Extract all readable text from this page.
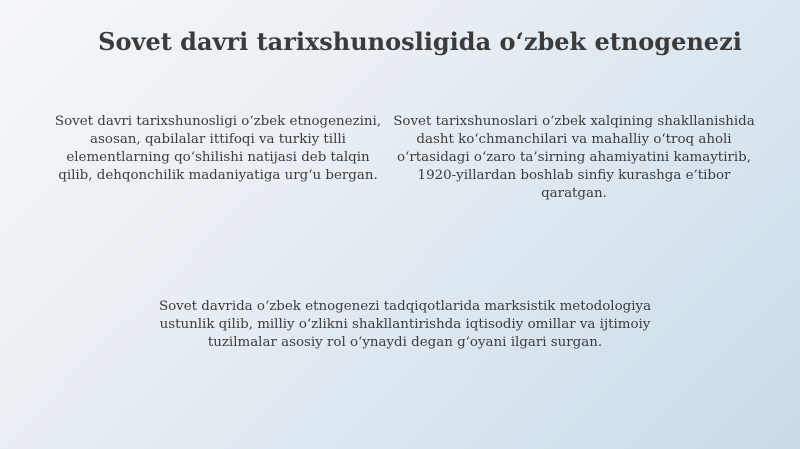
Sovet davri tarixshunosligida o‘zbek etnogenezi

Sovet davri tarixshunosligi o‘zbek etnogenezini, asosan, qabilalar ittifoqi va turkiy tilli elementlarning qo‘shilishi natijasi deb talqin qilib, dehqonchilik madaniyatiga urg‘u bergan.

Sovet tarixshunoslari o‘zbek xalqining shakllanishida dasht ko‘chmanchilari va mahalliy o‘troq aholi o‘rtasidagi o‘zaro ta’sirning ahamiyatini kamaytirib, 1920-yillardan boshlab sinfiy kurashga e’tibor qaratgan.

Sovet davrida o‘zbek etnogenezi tadqiqotlarida marksistik metodologiya ustunlik qilib, milliy o‘zlikni shakllantirishda iqtisodiy omillar va ijtimoiy tuzilmalar asosiy rol o‘ynaydi degan g‘oyani ilgari surgan.
